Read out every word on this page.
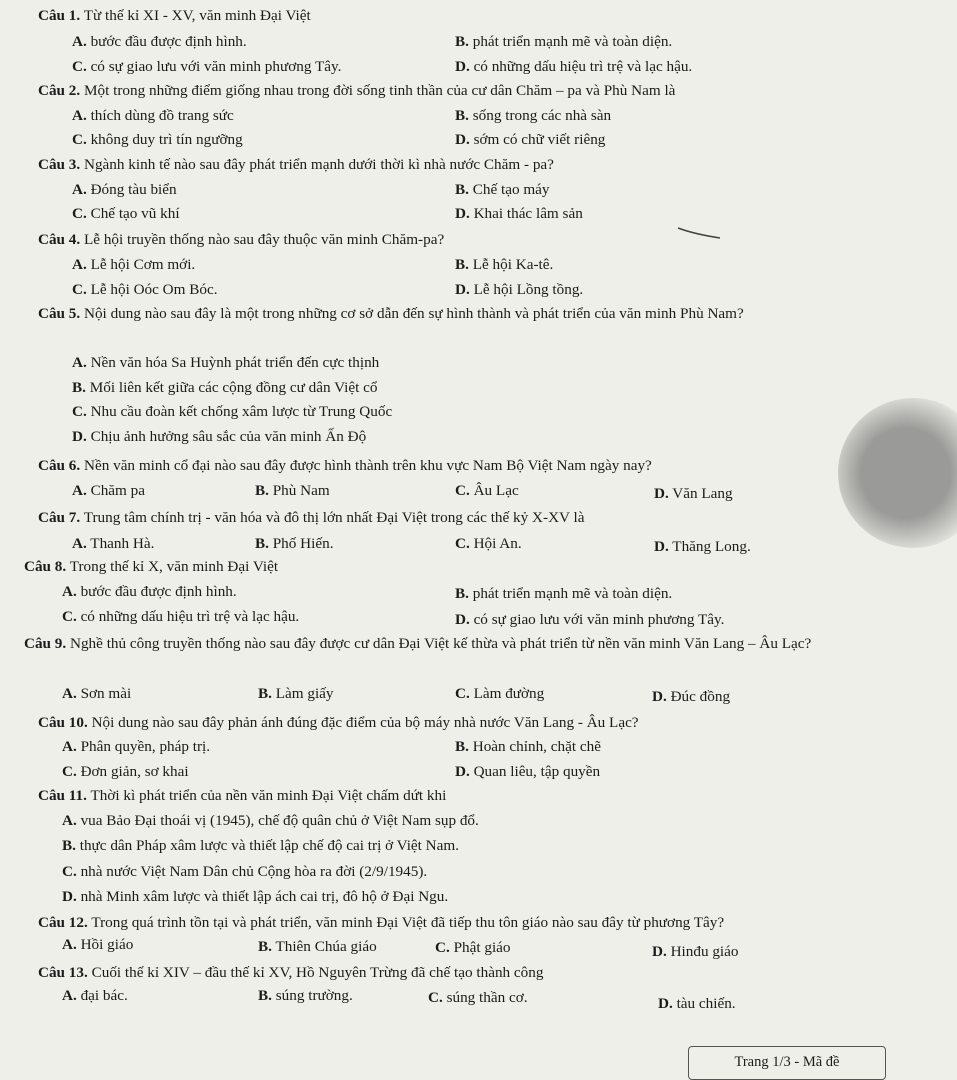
Câu 1. Từ thế kỉ XI - XV, văn minh Đại Việt
A. bước đầu được định hình.	B. phát triển mạnh mẽ và toàn diện.
C. có sự giao lưu với văn minh phương Tây.	D. có những dấu hiệu trì trệ và lạc hậu.
Câu 2. Một trong những điểm giống nhau trong đời sống tinh thần của cư dân Chăm – pa và Phù Nam là
A. thích dùng đồ trang sức	B. sống trong các nhà sàn
C. không duy trì tín ngưỡng	D. sớm có chữ viết riêng
Câu 3. Ngành kinh tế nào sau đây phát triển mạnh dưới thời kì nhà nước Chăm - pa?
A. Đóng tàu biển	B. Chế tạo máy
C. Chế tạo vũ khí	D. Khai thác lâm sản
Câu 4. Lễ hội truyền thống nào sau đây thuộc văn minh Chăm-pa?
A. Lễ hội Cơm mới.	B. Lễ hội Ka-tê.
C. Lễ hội Oóc Om Bóc.	D. Lễ hội Lồng tồng.
Câu 5. Nội dung nào sau đây là một trong những cơ sở dẫn đến sự hình thành và phát triển của văn minh Phù Nam?
A. Nền văn hóa Sa Huỳnh phát triển đến cực thịnh
B. Mối liên kết giữa các cộng đồng cư dân Việt cổ
C. Nhu cầu đoàn kết chống xâm lược từ Trung Quốc
D. Chịu ảnh hưởng sâu sắc của văn minh Ấn Độ
Câu 6. Nền văn minh cổ đại nào sau đây được hình thành trên khu vực Nam Bộ Việt Nam ngày nay?
A. Chăm pa	B. Phù Nam	C. Âu Lạc	D. Văn Lang
Câu 7. Trung tâm chính trị - văn hóa và đô thị lớn nhất Đại Việt trong các thế kỷ X-XV là
A. Thanh Hà.	B. Phố Hiến.	C. Hội An.	D. Thăng Long.
Câu 8. Trong thế kỉ X, văn minh Đại Việt
A. bước đầu được định hình.	B. phát triển mạnh mẽ và toàn diện.
C. có những dấu hiệu trì trệ và lạc hậu.	D. có sự giao lưu với văn minh phương Tây.
Câu 9. Nghề thủ công truyền thống nào sau đây được cư dân Đại Việt kế thừa và phát triển từ nền văn minh Văn Lang – Âu Lạc?
A. Sơn mài	B. Làm giấy	C. Làm đường	D. Đúc đồng
Câu 10. Nội dung nào sau đây phản ánh đúng đặc điểm của bộ máy nhà nước Văn Lang - Âu Lạc?
A. Phân quyền, pháp trị.	B. Hoàn chỉnh, chặt chẽ
C. Đơn giản, sơ khai	D. Quan liêu, tập quyền
Câu 11. Thời kì phát triển của nền văn minh Đại Việt chấm dứt khi
A. vua Bảo Đại thoái vị (1945), chế độ quân chủ ở Việt Nam sụp đổ.
B. thực dân Pháp xâm lược và thiết lập chế độ cai trị ở Việt Nam.
C. nhà nước Việt Nam Dân chủ Cộng hòa ra đời (2/9/1945).
D. nhà Minh xâm lược và thiết lập ách cai trị, đô hộ ở Đại Ngu.
Câu 12. Trong quá trình tồn tại và phát triển, văn minh Đại Việt đã tiếp thu tôn giáo nào sau đây từ phương Tây?
A. Hồi giáo	B. Thiên Chúa giáo	C. Phật giáo	D. Hinđu giáo
Câu 13. Cuối thế kỉ XIV – đầu thế kỉ XV, Hồ Nguyên Trừng đã chế tạo thành công
A. đại bác.	B. súng trường.	C. súng thần cơ.	D. tàu chiến.
Trang 1/3 - Mã đề
